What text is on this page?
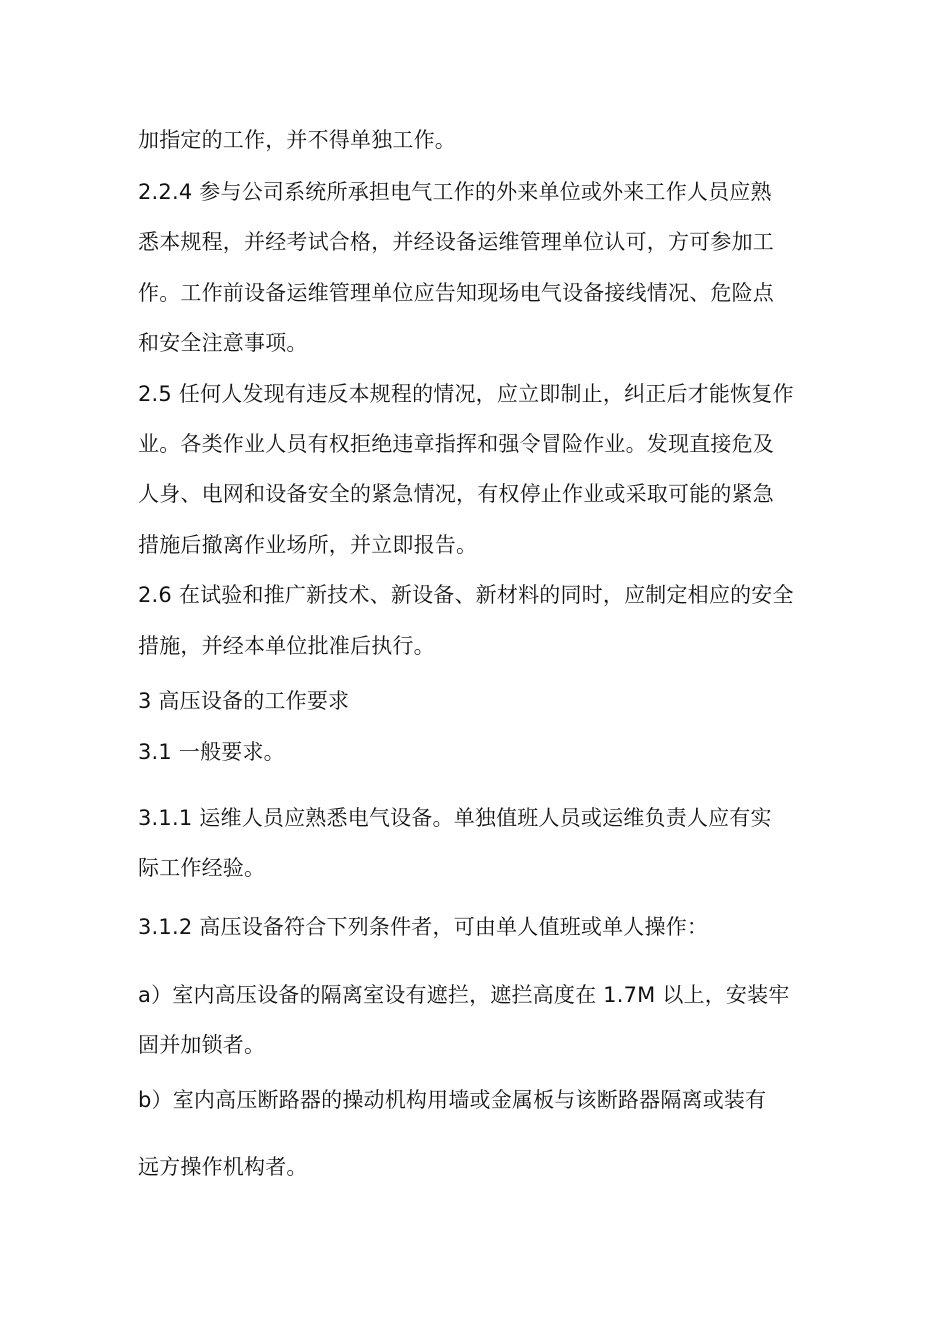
加指定的工作，并不得单独工作。
2.2.4 参与公司系统所承担电气工作的外来单位或外来工作人员应熟
悉本规程，并经考试合格，并经设备运维管理单位认可，方可参加工
作。工作前设备运维管理单位应告知现场电气设备接线情况、危险点
和安全注意事项。
2.5 任何人发现有违反本规程的情况，应立即制止，纠正后才能恢复作
业。各类作业人员有权拒绝违章指挥和强令冒险作业。发现直接危及
人身、电网和设备安全的紧急情况，有权停止作业或采取可能的紧急
措施后撤离作业场所，并立即报告。
2.6 在试验和推广新技术、新设备、新材料的同时，应制定相应的安全
措施，并经本单位批准后执行。
3 高压设备的工作要求
3.1 一般要求。
3.1.1 运维人员应熟悉电气设备。单独值班人员或运维负责人应有实
际工作经验。
3.1.2 高压设备符合下列条件者，可由单人值班或单人操作：
a）室内高压设备的隔离室设有遮拦，遮拦高度在 1.7M 以上，安装牢
固并加锁者。
b）室内高压断路器的操动机构用墙或金属板与该断路器隔离或装有
远方操作机构者。
